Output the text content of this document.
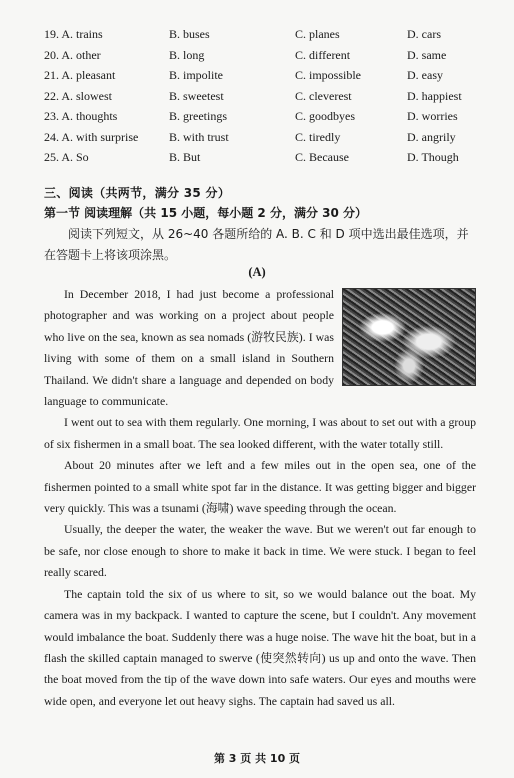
19. A. trains	B. buses	C. planes	D. cars
20. A. other	B. long	C. different	D. same
21. A. pleasant	B. impolite	C. impossible	D. easy
22. A. slowest	B. sweetest	C. cleverest	D. happiest
23. A. thoughts	B. greetings	C. goodbyes	D. worries
24. A. with surprise	B. with trust	C. tiredly	D. angrily
25. A. So	B. But	C. Because	D. Though
三、阅读（共两节，满分 35 分）
第一节 阅读理解（共 15 小题，每小题 2 分，满分 30 分）
阅读下列短文，从 26~40 各题所给的 A. B. C 和 D 项中选出最佳选项，并在答题卡上将该项涂黑。
(A)

In December 2018, I had just become a professional photographer and was working on a project about people who live on the sea, known as sea nomads (游牧民族). I was living with some of them on a small island in Southern Thailand. We didn't share a language and depended on body language to communicate.

I went out to sea with them regularly. One morning, I was about to set out with a group of six fishermen in a small boat. The sea looked different, with the water totally still.

About 20 minutes after we left and a few miles out in the open sea, one of the fishermen pointed to a small white spot far in the distance. It was getting bigger and bigger very quickly. This was a tsunami (海啸) wave speeding through the ocean.

Usually, the deeper the water, the weaker the wave. But we weren't out far enough to be safe, nor close enough to shore to make it back in time. We were stuck. I began to feel really scared.

The captain told the six of us where to sit, so we would balance out the boat. My camera was in my backpack. I wanted to capture the scene, but I couldn't. Any movement would imbalance the boat. Suddenly there was a huge noise. The wave hit the boat, but in a flash the skilled captain managed to swerve (使突然转向) us up and onto the wave. Then the boat moved from the tip of the wave down into safe waters. Our eyes and mouths were wide open, and everyone let out heavy sighs. The captain had saved us all.

第 3 页 共 10 页
